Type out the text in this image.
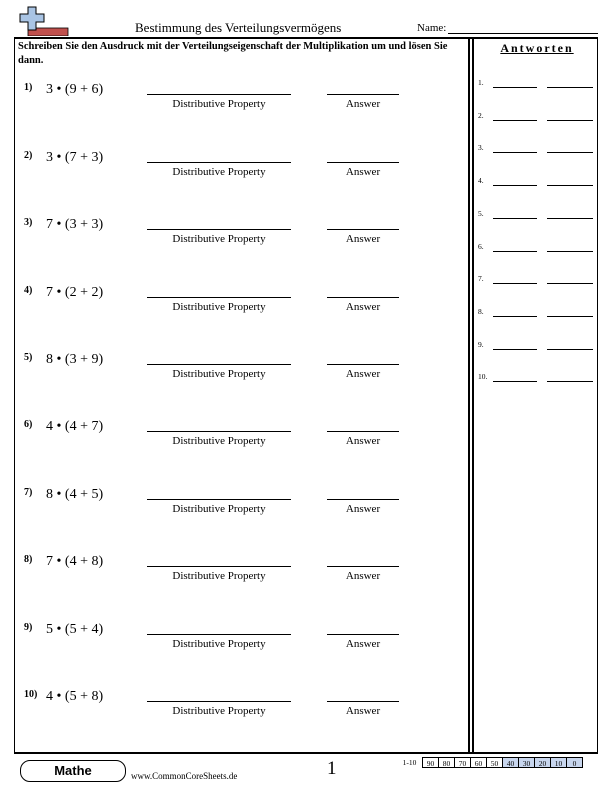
Bestimmung des Verteilungsvermögens	Name:
Schreiben Sie den Ausdruck mit der Verteilungseigenschaft der Multiplikation um und lösen Sie dann.
Antworten
1) 3 • (9 + 6)
Distributive Property	Answer
2) 3 • (7 + 3)
Distributive Property	Answer
3) 7 • (3 + 3)
Distributive Property	Answer
4) 7 • (2 + 2)
Distributive Property	Answer
5) 8 • (3 + 9)
Distributive Property	Answer
6) 4 • (4 + 7)
Distributive Property	Answer
7) 8 • (4 + 5)
Distributive Property	Answer
8) 7 • (4 + 8)
Distributive Property	Answer
9) 5 • (5 + 4)
Distributive Property	Answer
10) 4 • (5 + 8)
Distributive Property	Answer
1.
2.
3.
4.
5.
6.
7.
8.
9.
10.
Mathe	www.CommonCoreSheets.de	1	1-10	90	80	70	60	50	40	30	20	10	0
